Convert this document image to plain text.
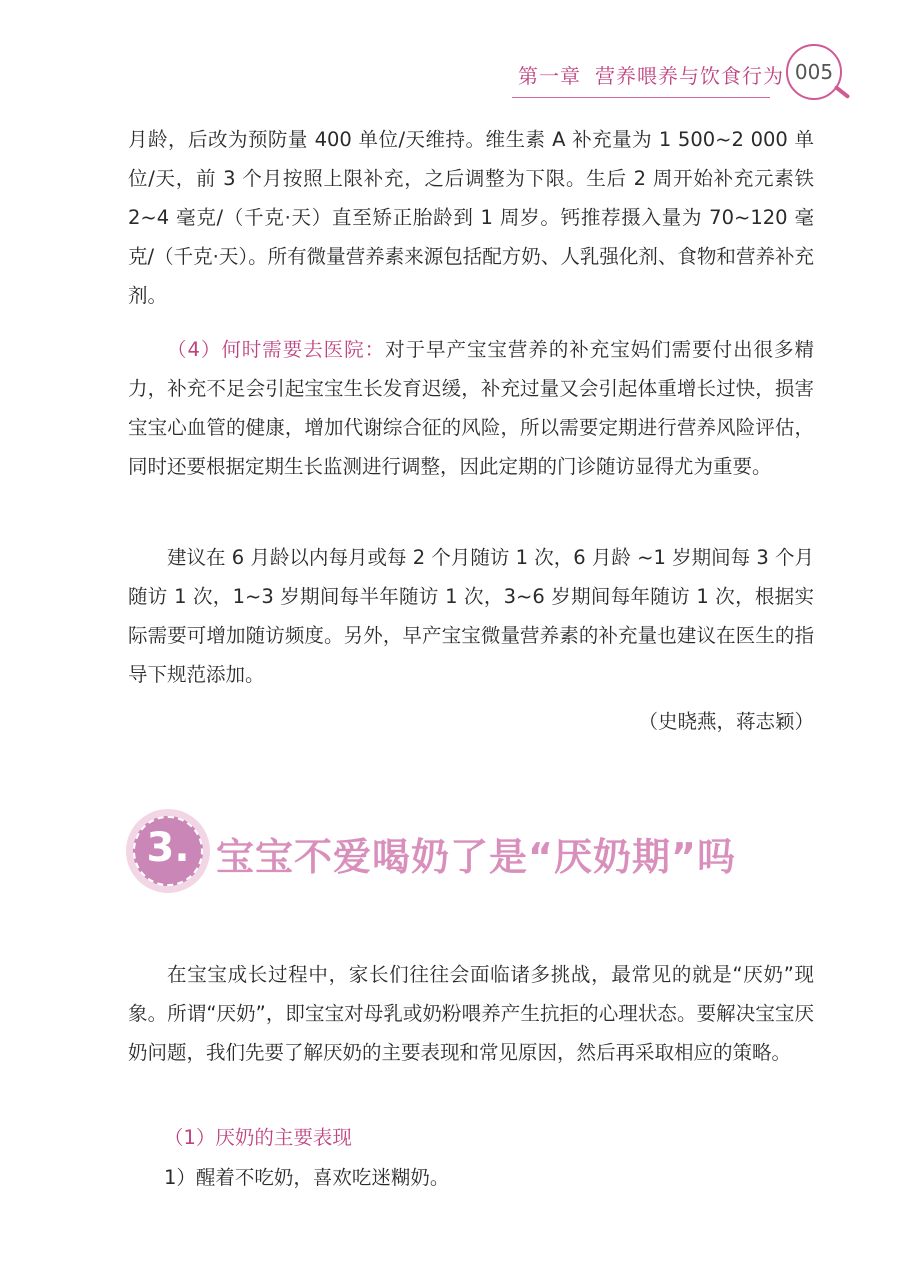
第一章 营养喂养与饮食行为 005
月龄，后改为预防量 400 单位/天维持。维生素 A 补充量为 1 500~2 000 单位/天，前 3 个月按照上限补充，之后调整为下限。生后 2 周开始补充元素铁 2~4 毫克/（千克·天）直至矫正胎龄到 1 周岁。钙推荐摄入量为 70~120 毫克/（千克·天）。所有微量营养素来源包括配方奶、人乳强化剂、食物和营养补充剂。
（4）何时需要去医院：对于早产宝宝营养的补充宝妈们需要付出很多精力，补充不足会引起宝宝生长发育迟缓，补充过量又会引起体重增长过快，损害宝宝心血管的健康，增加代谢综合征的风险，所以需要定期进行营养风险评估，同时还要根据定期生长监测进行调整，因此定期的门诊随访显得尤为重要。
建议在 6 月龄以内每月或每 2 个月随访 1 次，6 月龄 ~1 岁期间每 3 个月随访 1 次，1~3 岁期间每半年随访 1 次，3~6 岁期间每年随访 1 次，根据实际需要可增加随访频度。另外，早产宝宝微量营养素的补充量也建议在医生的指导下规范添加。
（史晓燕，蒋志颖）
3. 宝宝不爱喝奶了是“厌奶期”吗
在宝宝成长过程中，家长们往往会面临诸多挑战，最常见的就是“厌奶”现象。所谓“厌奶”，即宝宝对母乳或奶粉喂养产生抗拒的心理状态。要解决宝宝厌奶问题，我们先要了解厌奶的主要表现和常见原因，然后再采取相应的策略。
（1）厌奶的主要表现
1）醒着不吃奶，喜欢吃迷糊奶。
